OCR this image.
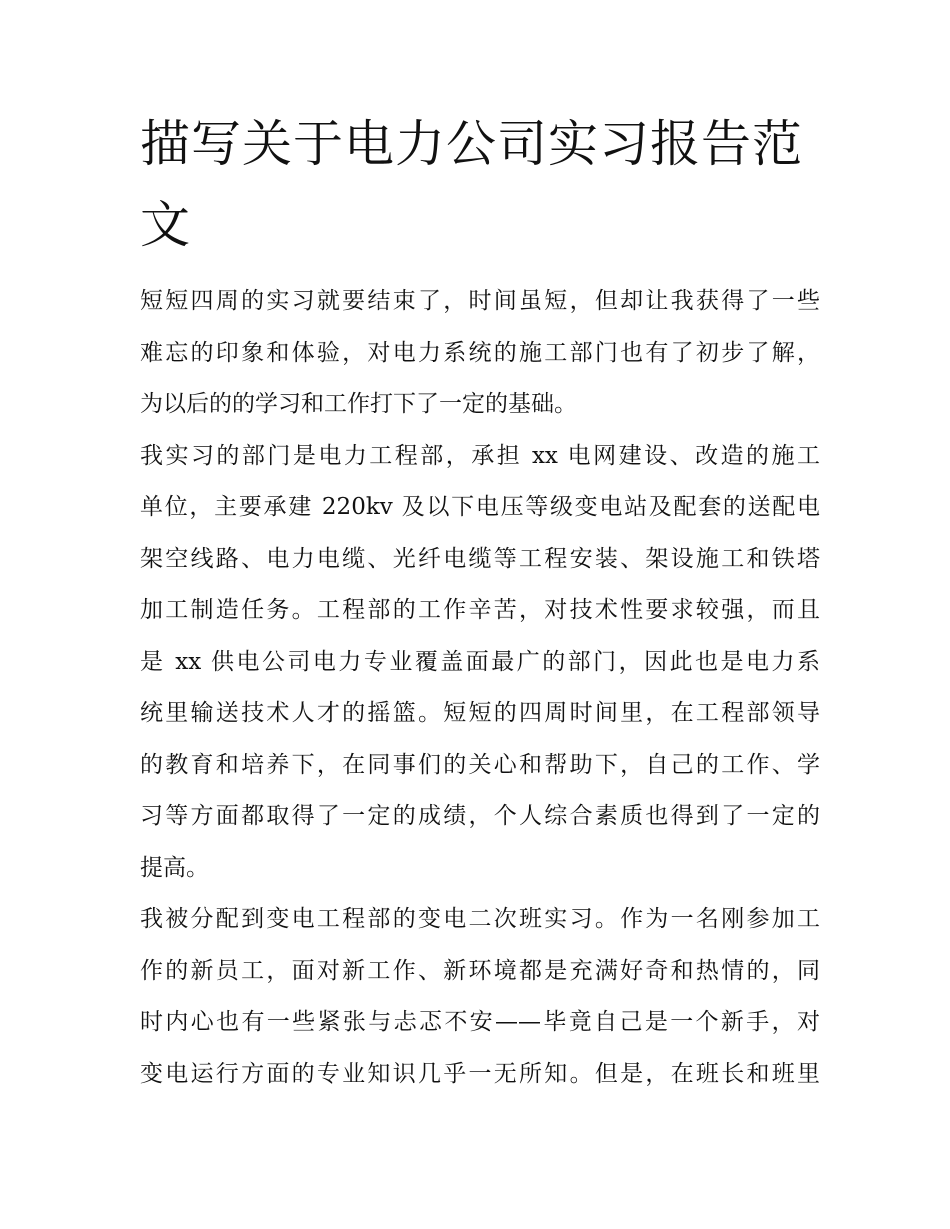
描写关于电力公司实习报告范
文
短短四周的实习就要结束了，时间虽短，但却让我获得了一些
难忘的印象和体验，对电力系统的施工部门也有了初步了解，
为以后的的学习和工作打下了一定的基础。
我实习的部门是电力工程部，承担 xx 电网建设、改造的施工
单位，主要承建 220kv 及以下电压等级变电站及配套的送配电
架空线路、电力电缆、光纤电缆等工程安装、架设施工和铁塔
加工制造任务。工程部的工作辛苦，对技术性要求较强，而且
是 xx 供电公司电力专业覆盖面最广的部门，因此也是电力系
统里输送技术人才的摇篮。短短的四周时间里，在工程部领导
的教育和培养下，在同事们的关心和帮助下，自己的工作、学
习等方面都取得了一定的成绩，个人综合素质也得到了一定的
提高。
我被分配到变电工程部的变电二次班实习。作为一名刚参加工
作的新员工，面对新工作、新环境都是充满好奇和热情的，同
时内心也有一些紧张与忐忑不安——毕竟自己是一个新手，对
变电运行方面的专业知识几乎一无所知。但是，在班长和班里
